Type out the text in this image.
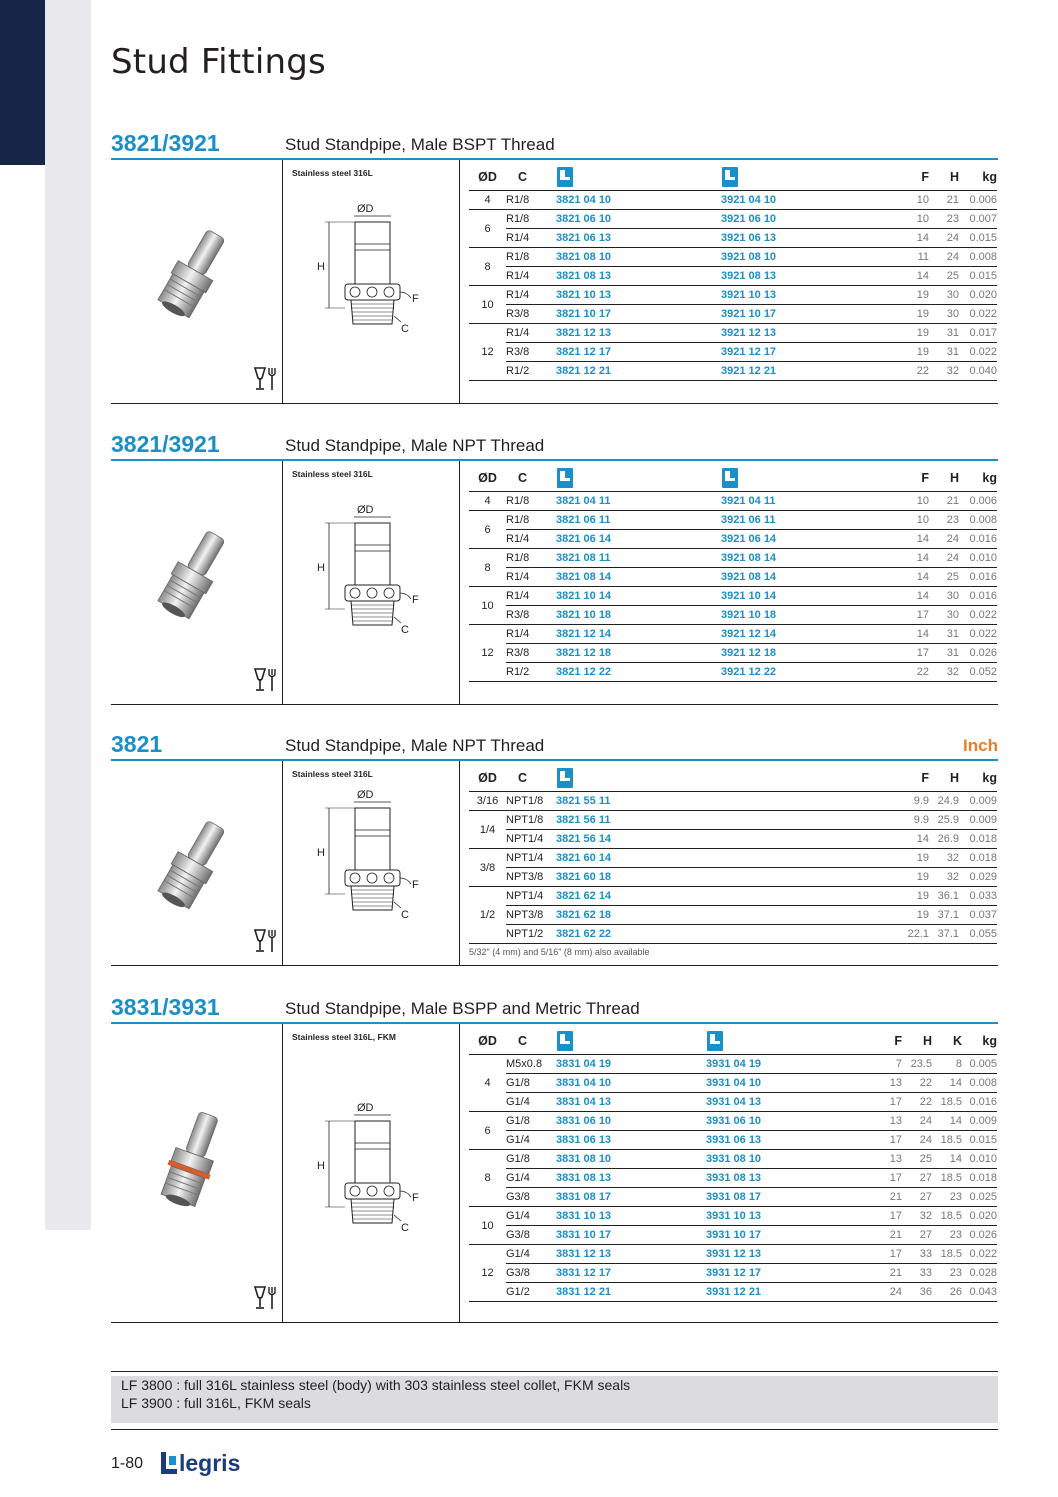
Stud Fittings
3821/3921	Stud Standpipe, Male BSPT Thread
Stainless steel 316L
ØD
H
F
C
ØD	C			F	H	kg
4	R1/8	3821 04 10	3921 04 10	10	21	0.006
6	R1/8	3821 06 10	3921 06 10	10	23	0.007
	R1/4	3821 06 13	3921 06 13	14	24	0.015
8	R1/8	3821 08 10	3921 08 10	11	24	0.008
	R1/4	3821 08 13	3921 08 13	14	25	0.015
10	R1/4	3821 10 13	3921 10 13	19	30	0.020
	R3/8	3821 10 17	3921 10 17	19	30	0.022
12	R1/4	3821 12 13	3921 12 13	19	31	0.017
	R3/8	3821 12 17	3921 12 17	19	31	0.022
	R1/2	3821 12 21	3921 12 21	22	32	0.040
3821/3921	Stud Standpipe, Male NPT Thread
Stainless steel 316L
ØD
H
F
C
ØD	C			F	H	kg
4	R1/8	3821 04 11	3921 04 11	10	21	0.006
6	R1/8	3821 06 11	3921 06 11	10	23	0.008
	R1/4	3821 06 14	3921 06 14	14	24	0.016
8	R1/8	3821 08 11	3921 08 14	14	24	0.010
	R1/4	3821 08 14	3921 08 14	14	25	0.016
10	R1/4	3821 10 14	3921 10 14	14	30	0.016
	R3/8	3821 10 18	3921 10 18	17	30	0.022
12	R1/4	3821 12 14	3921 12 14	14	31	0.022
	R3/8	3821 12 18	3921 12 18	17	31	0.026
	R1/2	3821 12 22	3921 12 22	22	32	0.052
3821	Stud Standpipe, Male NPT Thread	Inch
Stainless steel 316L
ØD
H
F
C
ØD	C		F	H	kg
3/16	NPT1/8	3821 55 11	9.9	24.9	0.009
1/4	NPT1/8	3821 56 11	9.9	25.9	0.009
	NPT1/4	3821 56 14	14	26.9	0.018
3/8	NPT1/4	3821 60 14	19	32	0.018
	NPT3/8	3821 60 18	19	32	0.029
1/2	NPT1/4	3821 62 14	19	36.1	0.033
	NPT3/8	3821 62 18	19	37.1	0.037
	NPT1/2	3821 62 22	22.1	37.1	0.055
5/32" (4 mm) and 5/16" (8 mm) also available
3831/3931	Stud Standpipe, Male BSPP and Metric Thread
Stainless steel 316L, FKM
ØD
H
F
C
ØD	C			F	H	K	kg
4	M5x0.8	3831 04 19	3931 04 19	7	23.5	8	0.005
	G1/8	3831 04 10	3931 04 10	13	22	14	0.008
	G1/4	3831 04 13	3931 04 13	17	22	18.5	0.016
6	G1/8	3831 06 10	3931 06 10	13	24	14	0.009
	G1/4	3831 06 13	3931 06 13	17	24	18.5	0.015
8	G1/8	3831 08 10	3931 08 10	13	25	14	0.010
	G1/4	3831 08 13	3931 08 13	17	27	18.5	0.018
	G3/8	3831 08 17	3931 08 17	21	27	23	0.025
10	G1/4	3831 10 13	3931 10 13	17	32	18.5	0.020
	G3/8	3831 10 17	3931 10 17	21	27	23	0.026
12	G1/4	3831 12 13	3931 12 13	17	33	18.5	0.022
	G3/8	3831 12 17	3931 12 17	21	33	23	0.028
	G1/2	3831 12 21	3931 12 21	24	36	26	0.043
LF 3800 : full 316L stainless steel (body) with 303 stainless steel collet, FKM seals
LF 3900 : full 316L, FKM seals
1-80	legris
